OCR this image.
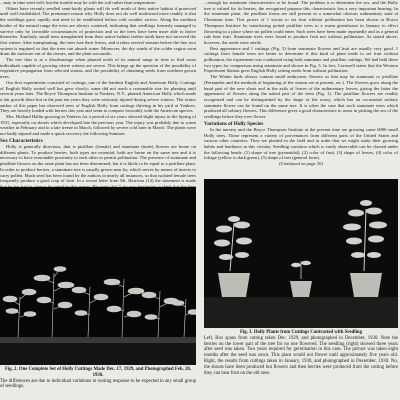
...may in time seed well, but the trouble may be with the soil rather than temperature.

Others have recently seedled semi-hardy plants will do well north of their native habitat if protected until well established. The premature reason why Holly does not do well northward more readily is that the seedlings grow rapidly and need to be established before cold weather arrives. Along the northern border of the natural range the trees are always scattered, indicating that seedlings formerly managed to survive only by favorable circumstances of protection and so the trees have been more able to thrive thereafter. Similarly, small trees transplanted from their native habitat farther north have not survived the first winter. After transplanting, the trees lose their leaves, and it takes several seasons before the fine root system is regained so that the trees can absorb water. Moreover, the dry winds of the colder region soon drain the moisture out of the tissues, and the plant succumbs.

The tree thus is at a disadvantage when planted north of its natural range in tests to find some individuals capable of growing where winters are severe. This brings up the question of the possibility of vegetative propagation from selected strains, and the possibility of obtaining seeds from northern grown trees.

Our first experiments consisted of cuttings, one of the hardiest English and American Holly. Cuttings of English Holly rooted well but grew slowly; some did not reach a reasonable size for planting until several years later. The Boyce Thompson Institute at Yonkers, N.Y., planted American Holly which made a fair growth there but in the past ten years they were seriously injured during severe winters. The senior author of this paper has observed trees of English Holly from cuttings thriving in his yard at Yonkers. They are heavily loaded with berries this year and seem to compare favorably with the American species.

Mrs. Holland Hallin growing in Yonkers for a period of six years showed slight injury in the Spring of 1931, especially on shoots which developed late the previous year. The injury was probably due to warm weather in February and to a late freeze in March, followed by severe cold later in March. The plants were not badly injured and made a quick recovery the following Summer.

Sex Characteristics

Holly is generally dioecious, that is pistillate (female) and staminate (male) flowers are borne on different plants. To produce berries, both types are essential; both are borne on the same tree and it is necessary to have reasonable proximity to each other to permit pollination. The presence of staminate and pistillate flowers on the same plant has not been determined, but it is likely to be equal to a pistillate plant. In order to produce berries, a staminate tree is usually grown near by, which serves by means of insects to carry pollen. Much seed has been found by the authors in nearly all instances, so that isolated female trees frequently produce a good crop of fruit. In a recent letter from Mr. Harrison (14) the statement is made

Fig. 2. One Complete Set of Holly Cuttings Made Dec. 17, 1929, and Photographed Feb. 20, 1930.
The differences are due to individual variations in rooting response to be expected in any small group of seedlings.

...enough for staminate characteristics to be found. The problem is to determine the sex, and the Holly tree is valued for its berries, the recognized purpose this characteristic has a very important bearing. In the staminate plant, the pistillate forms are still present in a somewhat obvious rudimentary state at Christmas time. This power of 1 scions to set fruit without pollination has been shown at Boyce Thompson Institute by transferring potted pistillate trees to a warm greenhouse in January to effect flowering in a place where no pollen could enter. Such trees have been made repeatedly and as a general rule bear fruit. Staminate trees were found to produce fruit not without pollination. As stated above, however, the seeds were sterile.

Best appearance and 1 cuttings (Fig. 3) from staminate flowers and fruit are usually very good. 1 cuttings from female trees are better to determine if this kind of plant tends to set fruit without pollination, the experiment was conducted using both staminate and pistillate cuttings. We had held these two types for comparison using staminate and shown in Fig. 3. In fact, Cornwell states that the Western Experiment Station grew English Holly setting seeds from without pollination.

The Winter buds always contain small embryonic flowers so that may be staminate or pistillate (Fernandez and the methods of beginning of the season are at present, etc.). The flowers grow along the basal part of the new shoot and in the axils of leaves of the rudimentary leaves, giving the latter the appearance of flowers along the naked part of the stem (Fig. 1). The pistillate flowers are readily recognized and can be distinguished by the shape of the ovary, which has an occasional solitary staminate flower can be found on the same tree. It is often the case that such staminate trees which produced all solitary flowers. This difference gives a good characteristic to assist in picking the sex of the seedlings before they ever flower.

Variations of Holly Species

In the nursery and the Boyce Thompson Institute at the present time are growing some 6000 small Holly trees. These represent a variety of provenances from different parts of the United States and various other countries. They are planted in the field and in order that we might study their growing habits and hardiness in this vicinity. Seedling variation which is easily observable can be classed under the following heads: (1) shape of tree (pyramidal), (2) color of fruit, (3) shape of leaves, (4) color of foliage (yellow to dark green), (5) shape of tree (general form).

(Continued on page 30)

Fig. 3. Holly Plants from Cuttings Contrasted with Seedling
Left, Box spans from cutting taken Dec. 1929, and photographed in December, 1930. Note the berries on the lower part of the tree for no one flowered. The seedling (right) showed three years after seed was taken. Two years required for germination in this case. The picture was taken eight months after the seed was sown. This plant would not flower until approximately five years old. Right, the results from cuttings taken in January, 1930, and photographed in December, 1930. No, the shoots have been produced but flowers and then berries were produced from the cutting before they can bear fruit on the old ones.
